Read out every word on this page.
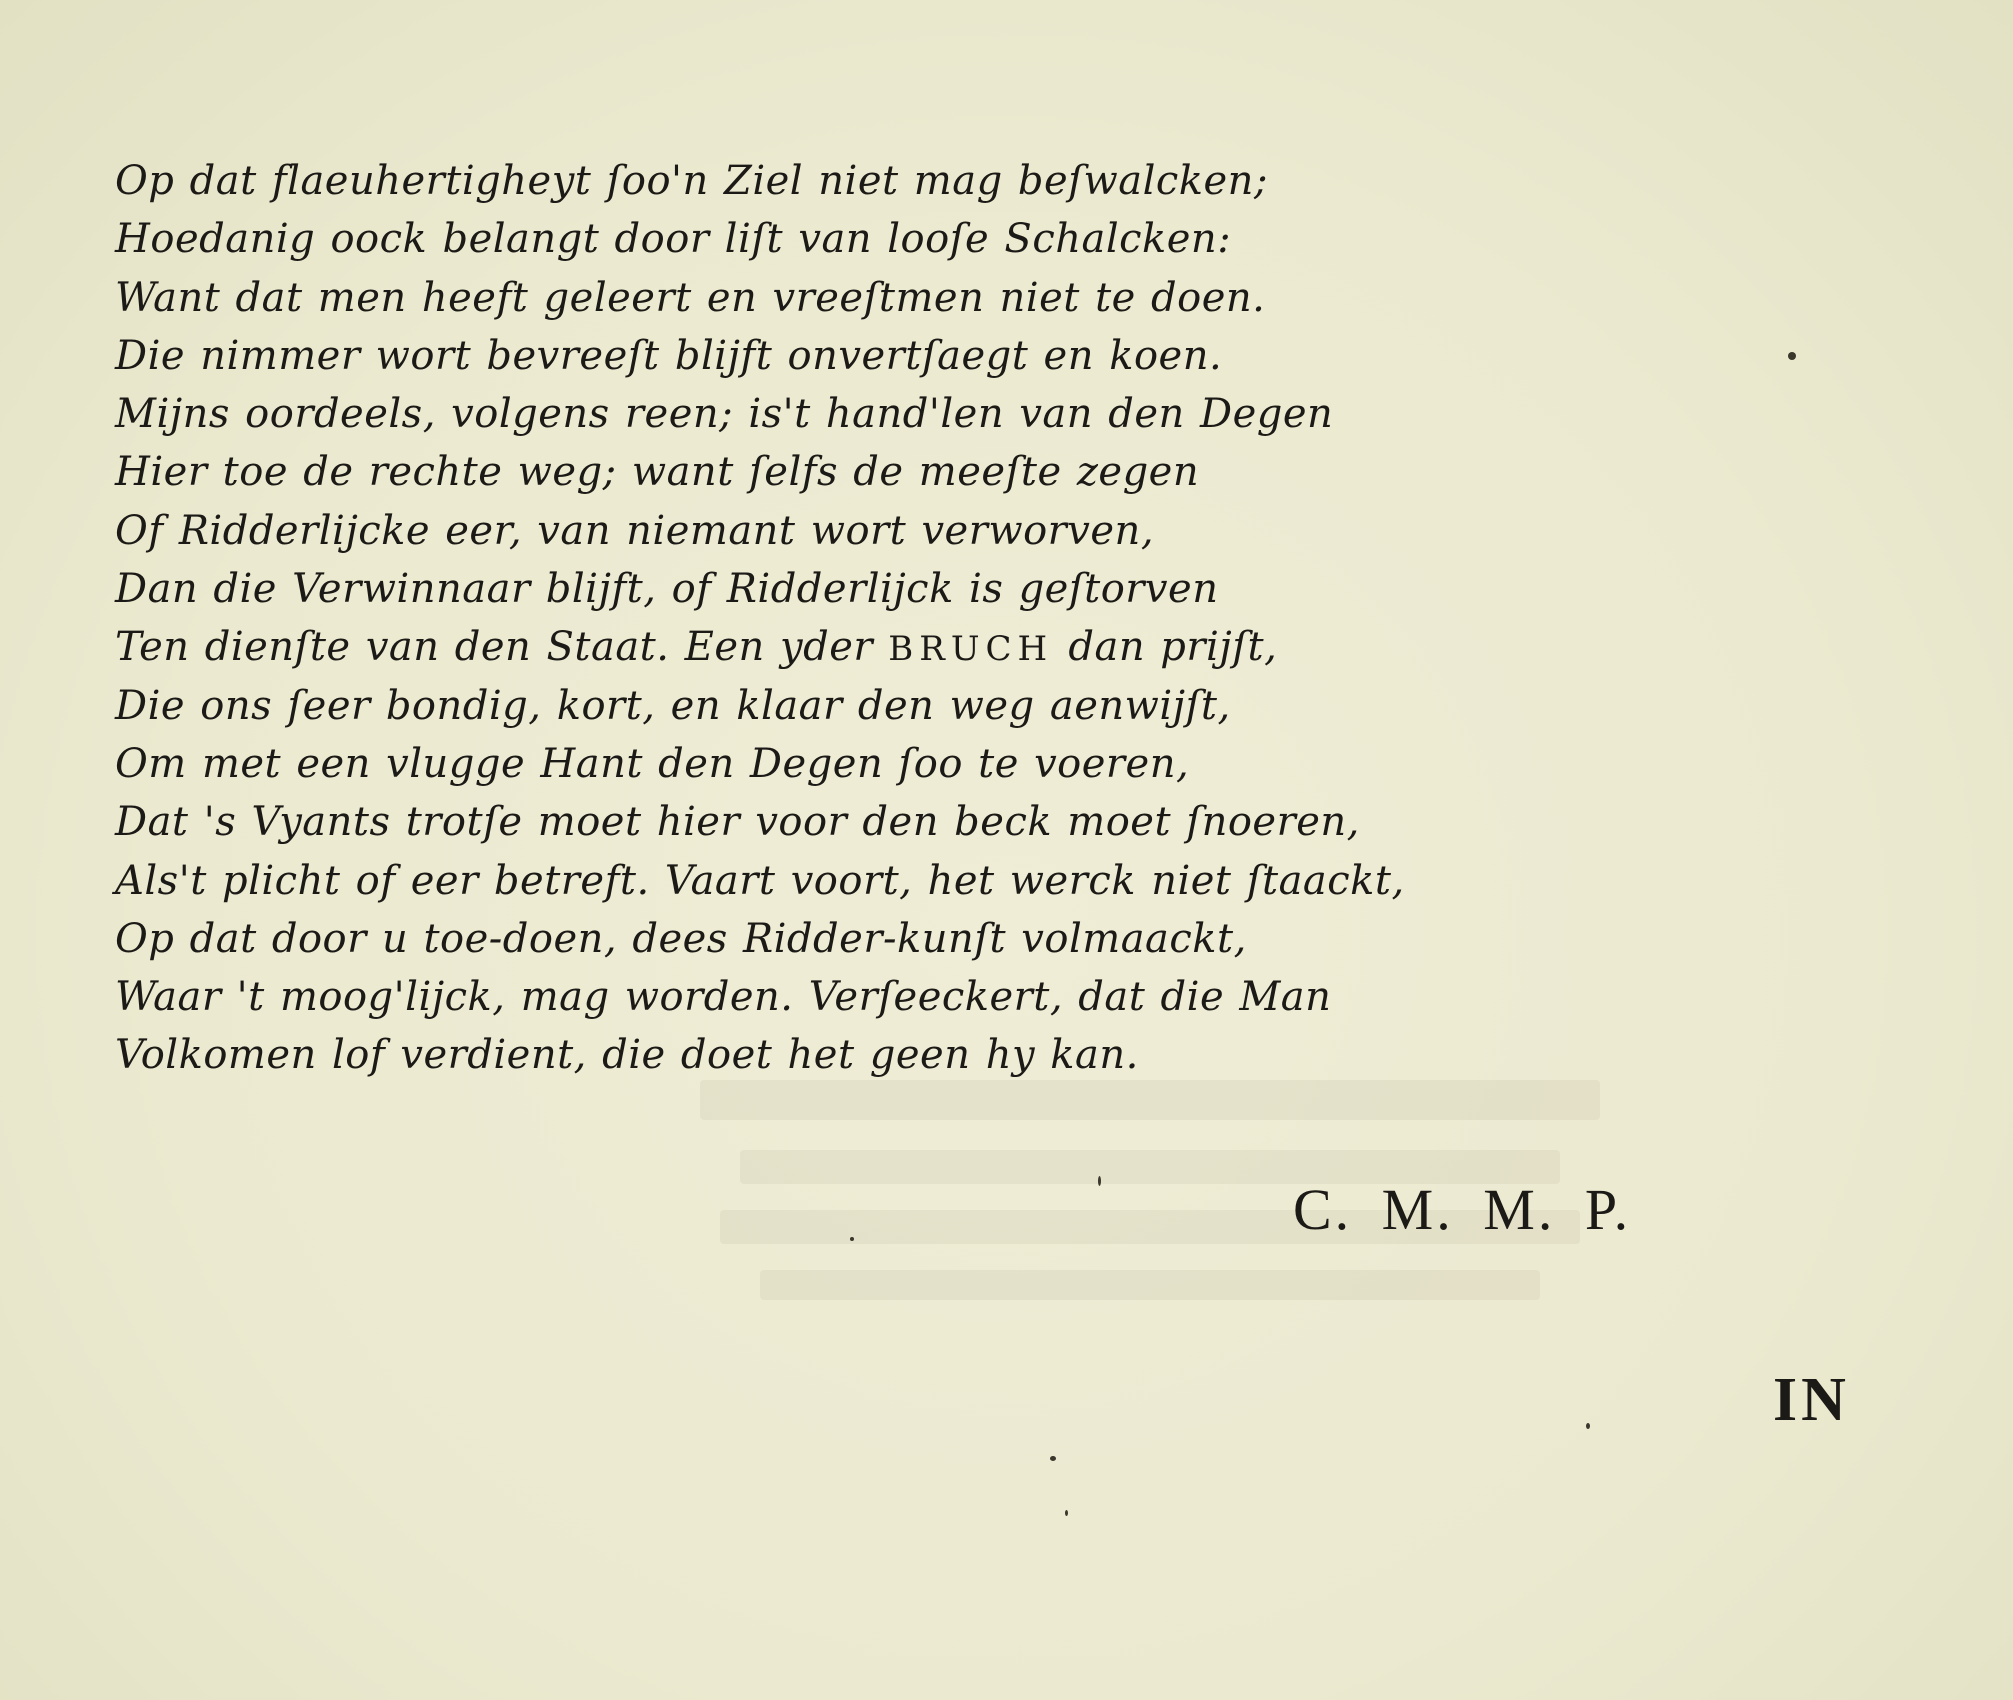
Op dat flaeuhertigheyt ſoo'n Ziel niet mag beſwalcken;
Hoedanig oock belangt door liſt van looſe Schalcken:
Want dat men heeft geleert en vreeſtmen niet te doen.
Die nimmer wort bevreeſt blijft onvertſaegt en koen.
Mijns oordeels, volgens reen; is't hand'len van den Degen
Hier toe de rechte weg; want ſelfs de meeſte zegen
Of Ridderlijcke eer, van niemant wort verworven,
Dan die Verwinnaar blijft, of Ridderlijck is geſtorven
Ten dienſte van den Staat. Een yder BRUCH dan prijſt,
Die ons ſeer bondig, kort, en klaar den weg aenwijſt,
Om met een vlugge Hant den Degen ſoo te voeren,
Dat 's Vyants trotſe moet hier voor den beck moet ſnoeren,
Als't plicht of eer betreft. Vaart voort, het werck niet ſtaackt,
Op dat door u toe-doen, dees Ridder-kunſt volmaackt,
Waar 't moog'lijck, mag worden. Verſeeckert, dat die Man
Volkomen lof verdient, die doet het geen hy kan.
C. M. M. P.
IN
